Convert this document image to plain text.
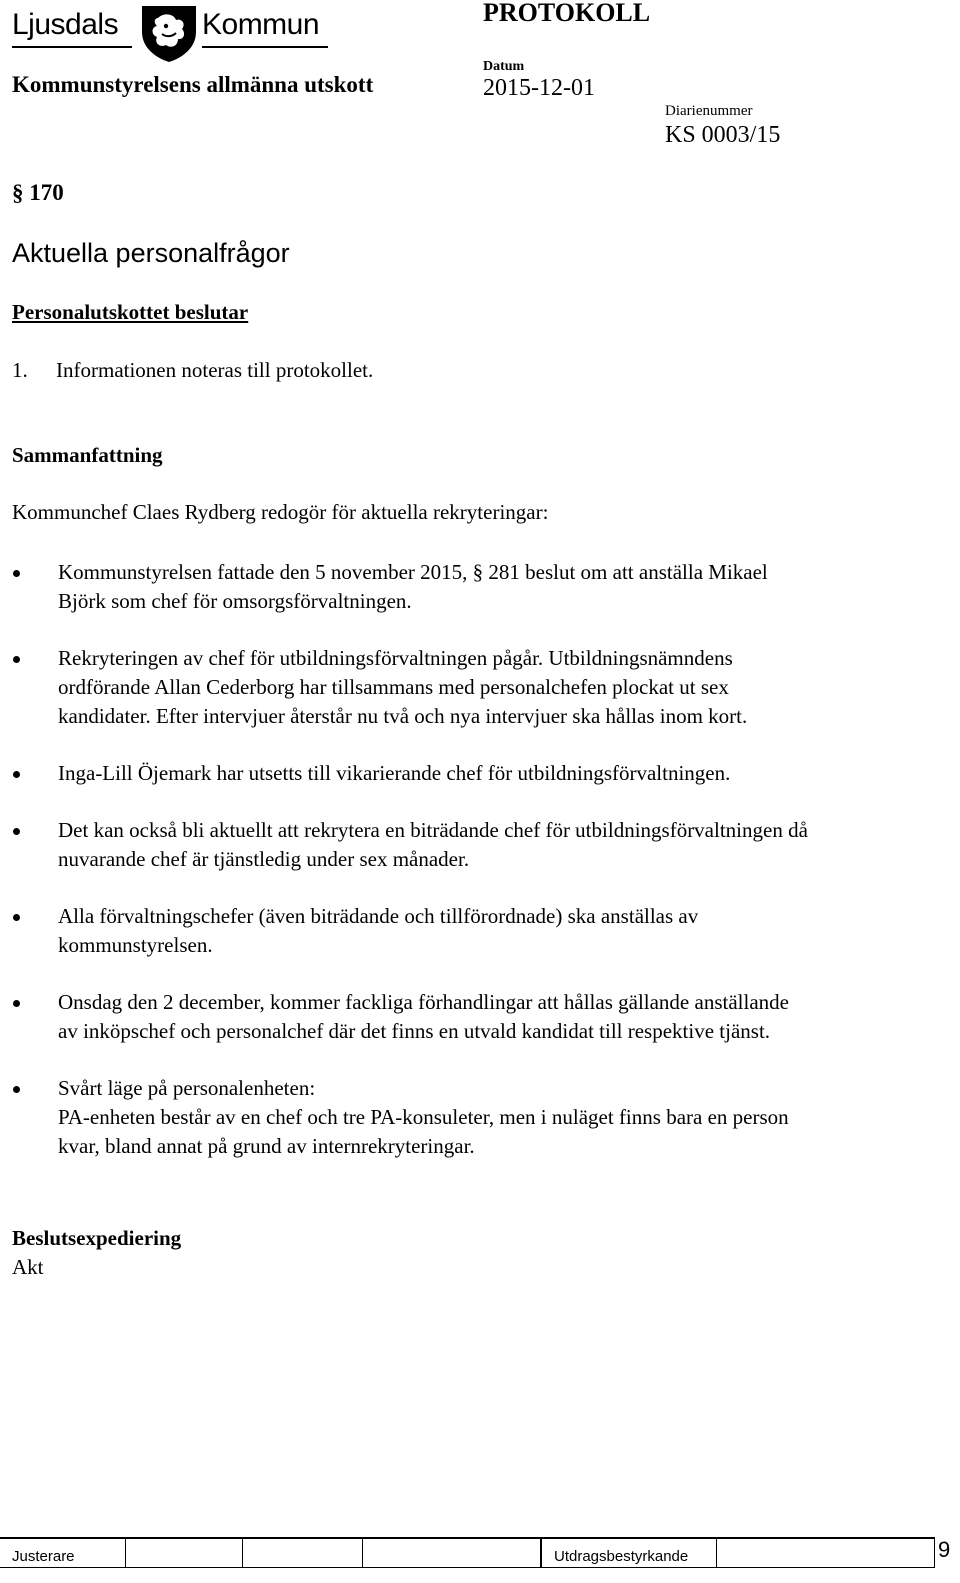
Ljusdals	Kommun	PROTOKOLL
Kommunstyrelsens allmänna utskott
Datum
2015-12-01
Diarienummer
KS 0003/15
§ 170
Aktuella personalfrågor
Personalutskottet beslutar
1. Informationen noteras till protokollet.
Sammanfattning
Kommunchef Claes Rydberg redogör för aktuella rekryteringar:
Kommunstyrelsen fattade den 5 november 2015, § 281 beslut om att anställa Mikael
Björk som chef för omsorgsförvaltningen.
Rekryteringen av chef för utbildningsförvaltningen pågår. Utbildningsnämndens
ordförande Allan Cederborg har tillsammans med personalchefen plockat ut sex
kandidater. Efter intervjuer återstår nu två och nya intervjuer ska hållas inom kort.
Inga-Lill Öjemark har utsetts till vikarierande chef för utbildningsförvaltningen.
Det kan också bli aktuellt att rekrytera en biträdande chef för utbildningsförvaltningen då
nuvarande chef är tjänstledig under sex månader.
Alla förvaltningschefer (även biträdande och tillförordnade) ska anställas av
kommunstyrelsen.
Onsdag den 2 december, kommer fackliga förhandlingar att hållas gällande anställande
av inköpschef och personalchef där det finns en utvald kandidat till respektive tjänst.
Svårt läge på personalenheten:
PA-enheten består av en chef och tre PA-konsuleter, men i nuläget finns bara en person
kvar, bland annat på grund av internrekryteringar.
Beslutsexpediering
Akt
Justerare	Utdragsbestyrkande	9
